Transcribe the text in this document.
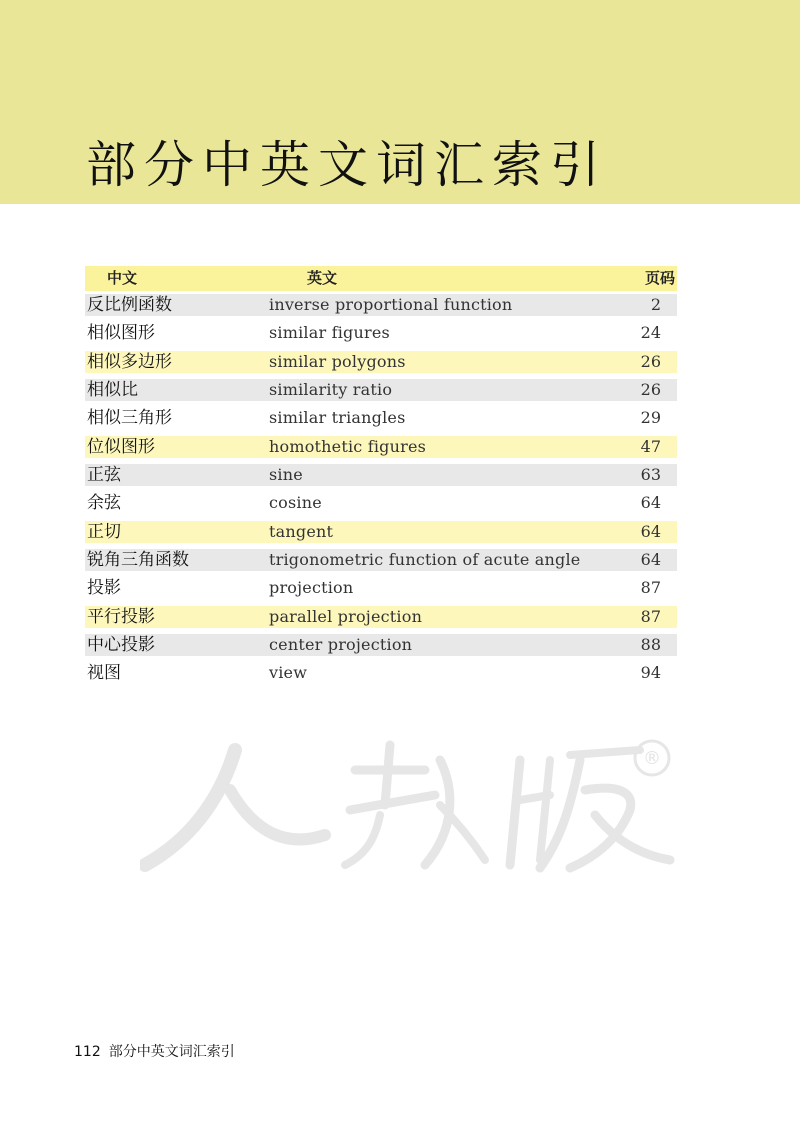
部分中英文词汇索引
中文	英文	页码
反比例函数	inverse proportional function	2
相似图形	similar figures	24
相似多边形	similar polygons	26
相似比	similarity ratio	26
相似三角形	similar triangles	29
位似图形	homothetic figures	47
正弦	sine	63
余弦	cosine	64
正切	tangent	64
锐角三角函数	trigonometric function of acute angle	64
投影	projection	87
平行投影	parallel projection	87
中心投影	center projection	88
视图	view	94
®
112 部分中英文词汇索引
